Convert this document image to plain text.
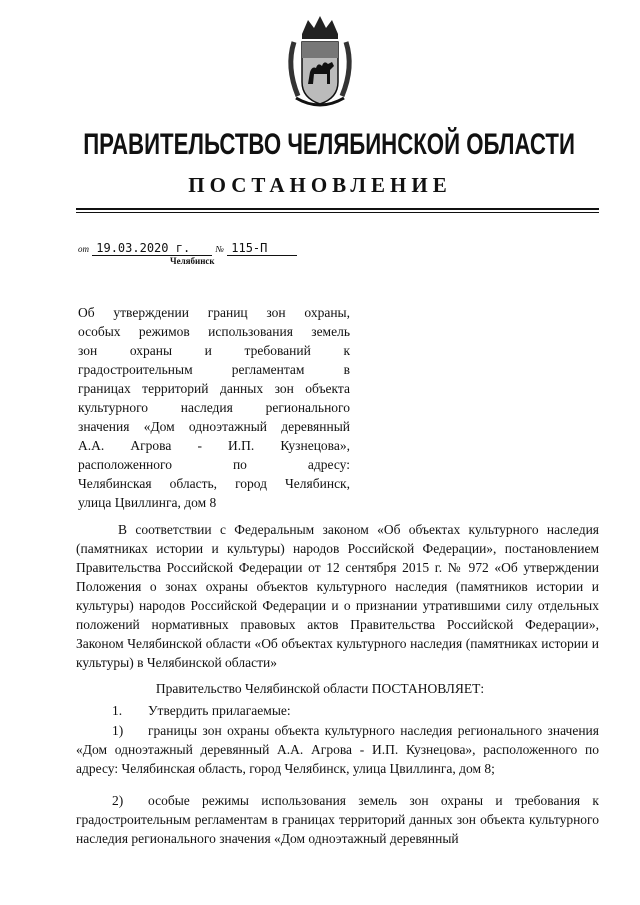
ПРАВИТЕЛЬСТВО ЧЕЛЯБИНСКОЙ ОБЛАСТИ
ПОСТАНОВЛЕНИЕ
от 19.03.2020 г.	№ 115-П
Челябинск
Об утверждении границ зон охраны,
особых режимов использования земель
зон охраны и требований к
градостроительным регламентам в
границах территорий данных зон объекта
культурного наследия регионального
значения «Дом одноэтажный деревянный
А.А. Агрова - И.П. Кузнецова»,
расположенного по адресу:
Челябинская область, город Челябинск,
улица Цвиллинга, дом 8
В соответствии с Федеральным законом «Об объектах культурного наследия (памятниках истории и культуры) народов Российской Федерации», постановлением Правительства Российской Федерации от 12 сентября 2015 г. № 972 «Об утверждении Положения о зонах охраны объектов культурного наследия (памятников истории и культуры) народов Российской Федерации и о признании утратившими силу отдельных положений нормативных правовых актов Правительства Российской Федерации», Законом Челябинской области «Об объектах культурного наследия (памятниках истории и культуры) в Челябинской области»
Правительство Челябинской области ПОСТАНОВЛЯЕТ:
1. Утвердить прилагаемые:
1) границы зон охраны объекта культурного наследия регионального значения «Дом одноэтажный деревянный А.А. Агрова - И.П. Кузнецова», расположенного по адресу: Челябинская область, город Челябинск, улица Цвиллинга, дом 8;
2) особые режимы использования земель зон охраны и требования к градостроительным регламентам в границах территорий данных зон объекта культурного наследия регионального значения «Дом одноэтажный деревянный
